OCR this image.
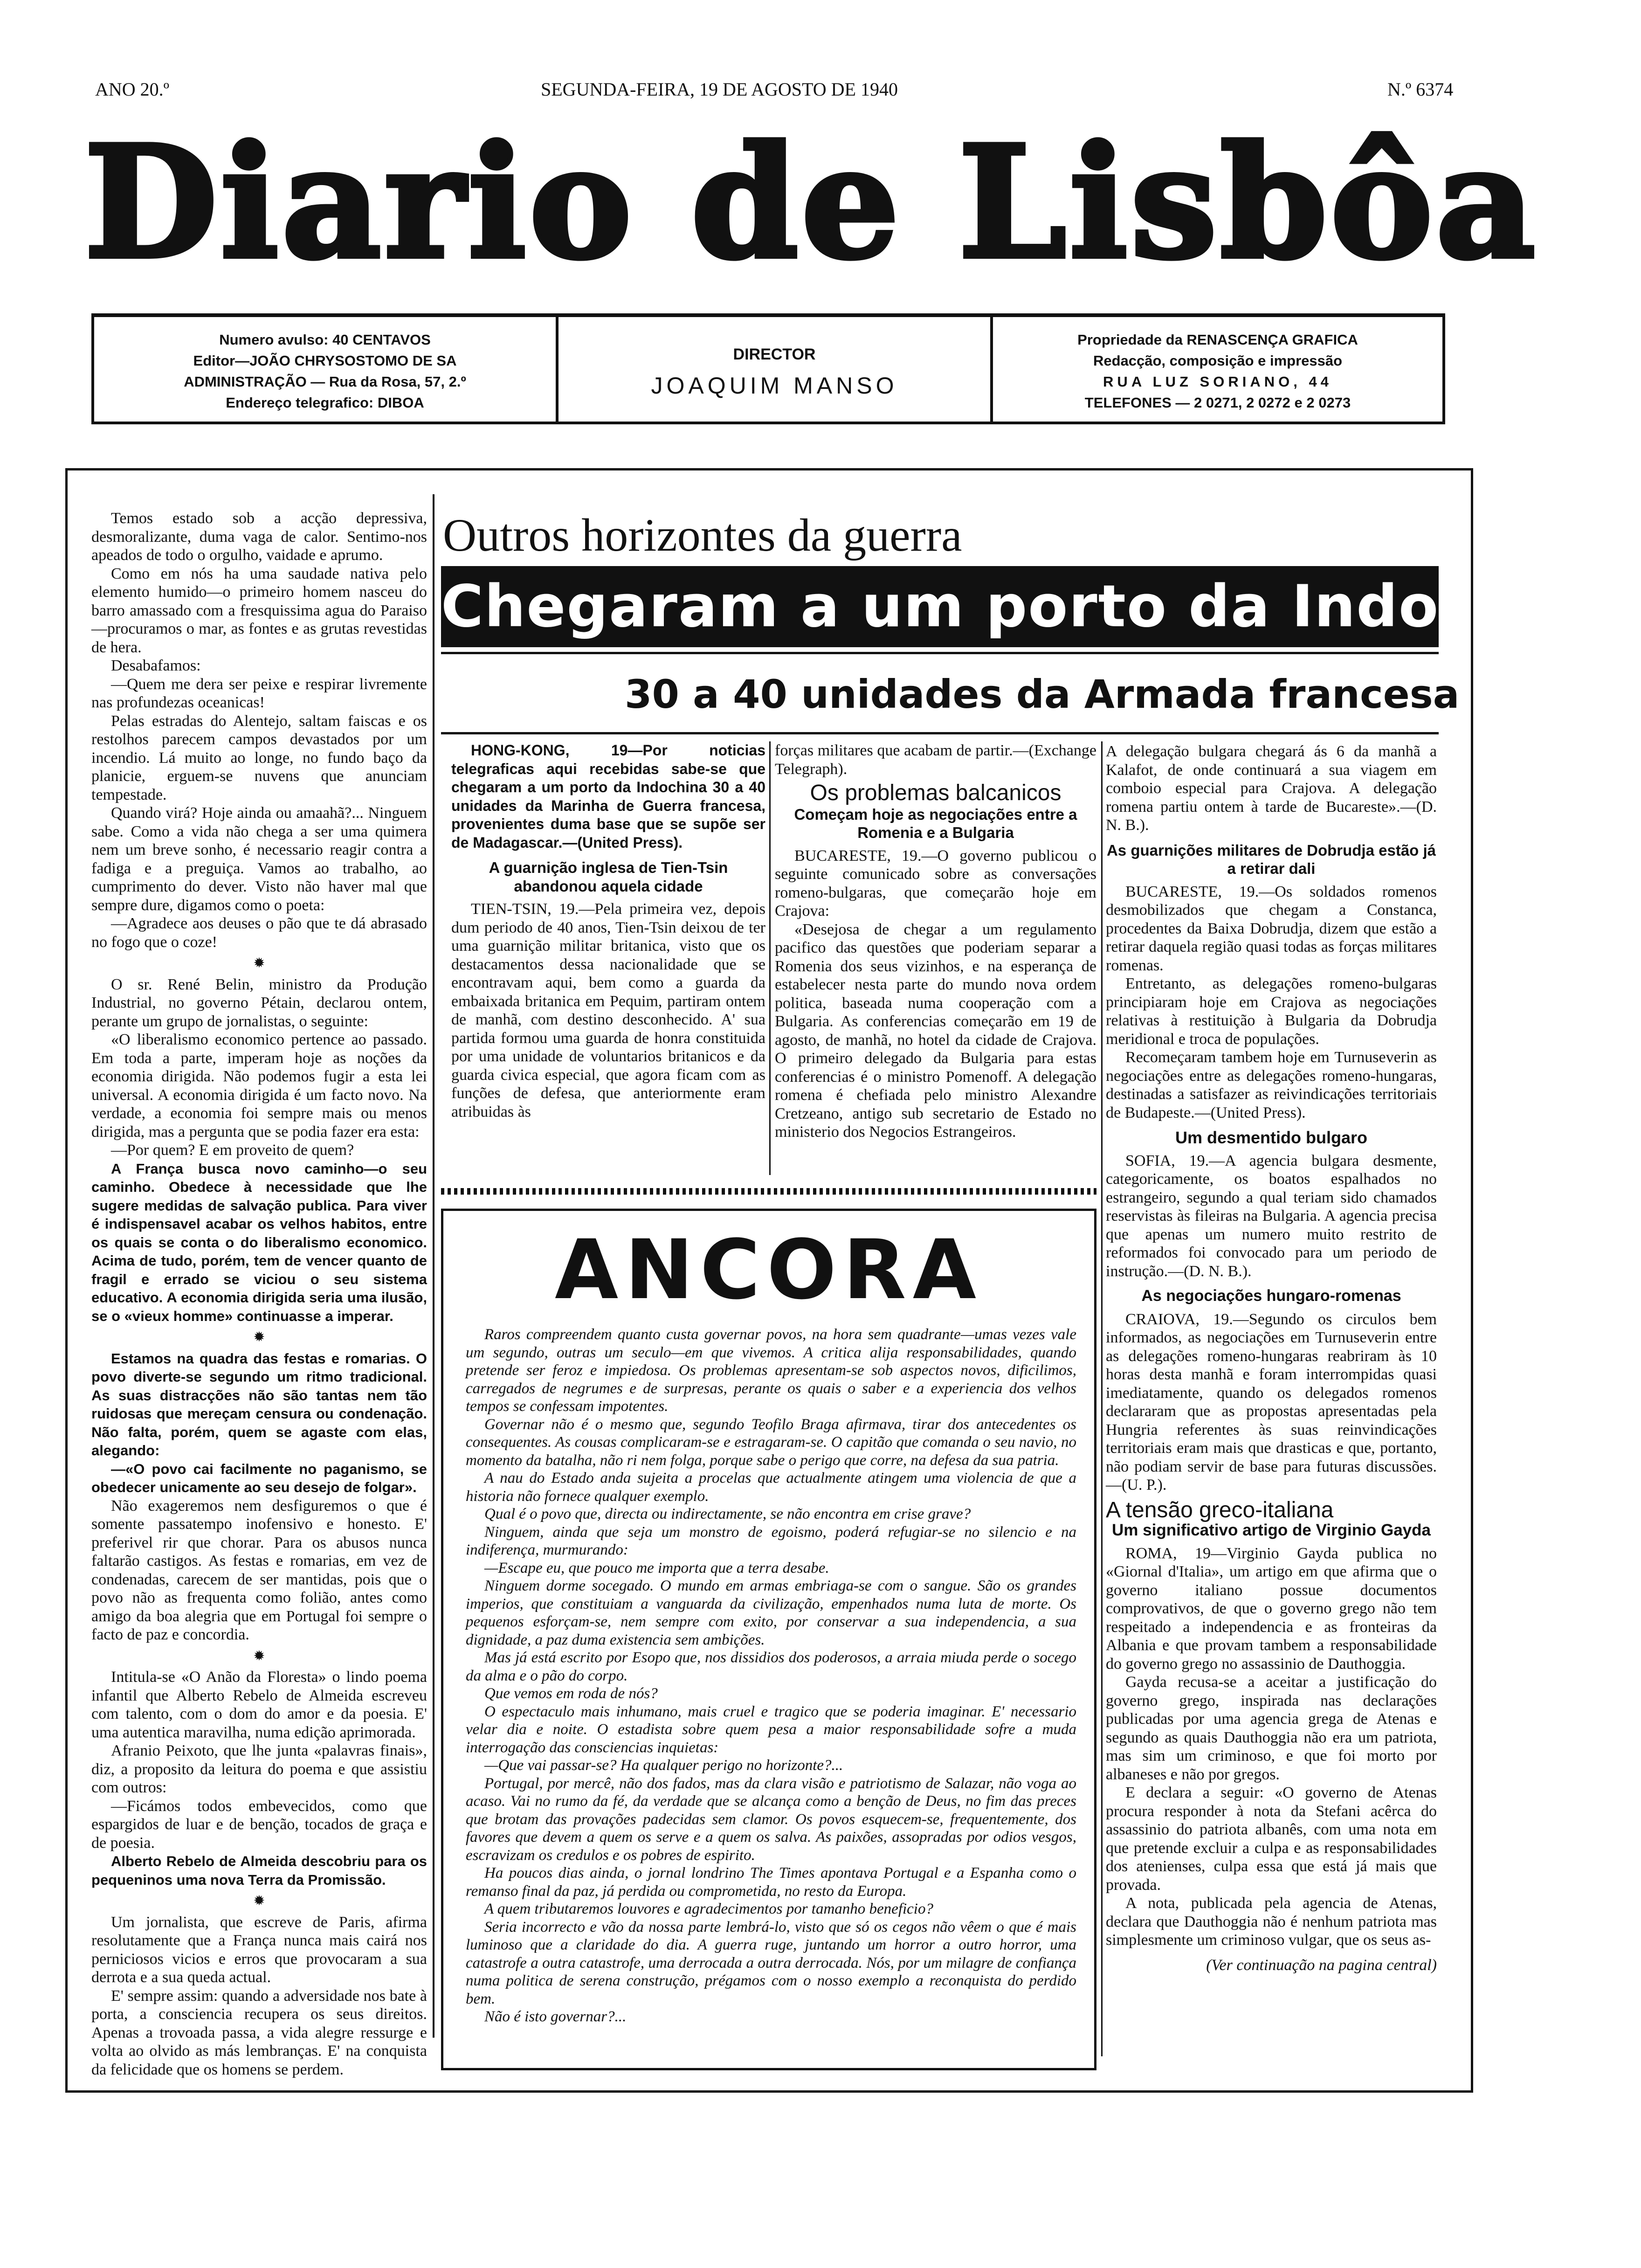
ANO 20.º	SEGUNDA-FEIRA, 19 DE AGOSTO DE 1940	N.º 6374
Diario de Lisbôa
Numero avulso: 40 CENTAVOS
Editor—JOÃO CHRYSOSTOMO DE SA
ADMINISTRAÇÃO — Rua da Rosa, 57, 2.º
Endereço telegrafico: DIBOA
DIRECTOR
JOAQUIM MANSO
Propriedade da RENASCENÇA GRAFICA
Redacção, composição e impressão
RUA LUZ SORIANO, 44
TELEFONES — 2 0271, 2 0272 e 2 0273
Outros horizontes da guerra
Chegaram a um porto da Indochina
30 a 40 unidades da Armada francesa

Temos estado sob a acção depressiva, desmoralizante, duma vaga de calor. Sentimo-nos apeados de todo o orgulho, vaidade e aprumo.

Como em nós ha uma saudade nativa pelo elemento humido—o primeiro homem nasceu do barro amassado com a fresquissima agua do Paraiso—procuramos o mar, as fontes e as grutas revestidas de hera.

Desabafamos:

—Quem me dera ser peixe e respirar livremente nas profundezas oceanicas!

Pelas estradas do Alentejo, saltam faiscas e os restolhos parecem campos devastados por um incendio. Lá muito ao longe, no fundo baço da planicie, erguem-se nuvens que anunciam tempestade.

Quando virá? Hoje ainda ou amaahã?... Ninguem sabe. Como a vida não chega a ser uma quimera nem um breve sonho, é necessario reagir contra a fadiga e a preguiça. Vamos ao trabalho, ao cumprimento do dever. Visto não haver mal que sempre dure, digamos como o poeta:

—Agradece aos deuses o pão que te dá abrasado no fogo que o coze!

✹

O sr. René Belin, ministro da Produção Industrial, no governo Pétain, declarou ontem, perante um grupo de jornalistas, o seguinte:

«O liberalismo economico pertence ao passado. Em toda a parte, imperam hoje as noções da economia dirigida. Não podemos fugir a esta lei universal. A economia dirigida é um facto novo. Na verdade, a economia foi sempre mais ou menos dirigida, mas a pergunta que se podia fazer era esta:

—Por quem? E em proveito de quem?

A França busca novo caminho—o seu caminho. Obedece à necessidade que lhe sugere medidas de salvação publica. Para viver é indispensavel acabar os velhos habitos, entre os quais se conta o do liberalismo economico. Acima de tudo, porém, tem de vencer quanto de fragil e errado se viciou o seu sistema educativo. A economia dirigida seria uma ilusão, se o «vieux homme» continuasse a imperar.

✹

Estamos na quadra das festas e romarias. O povo diverte-se segundo um ritmo tradicional. As suas distracções não são tantas nem tão ruidosas que mereçam censura ou condenação. Não falta, porém, quem se agaste com elas, alegando:

—«O povo cai facilmente no paganismo, se obedecer unicamente ao seu desejo de folgar».

Não exageremos nem desfiguremos o que é somente passatempo inofensivo e honesto. E' preferivel rir que chorar. Para os abusos nunca faltarão castigos. As festas e romarias, em vez de condenadas, carecem de ser mantidas, pois que o povo não as frequenta como folião, antes como amigo da boa alegria que em Portugal foi sempre o facto de paz e concordia.

✹

Intitula-se «O Anão da Floresta» o lindo poema infantil que Alberto Rebelo de Almeida escreveu com talento, com o dom do amor e da poesia. E' uma autentica maravilha, numa edição aprimorada.

Afranio Peixoto, que lhe junta «palavras finais», diz, a proposito da leitura do poema e que assistiu com outros:

—Ficámos todos embevecidos, como que espargidos de luar e de benção, tocados de graça e de poesia.

Alberto Rebelo de Almeida descobriu para os pequeninos uma nova Terra da Promissão.

✹

Um jornalista, que escreve de Paris, afirma resolutamente que a França nunca mais cairá nos perniciosos vicios e erros que provocaram a sua derrota e a sua queda actual.

E' sempre assim: quando a adversidade nos bate à porta, a consciencia recupera os seus direitos. Apenas a trovoada passa, a vida alegre ressurge e volta ao olvido as más lembranças. E' na conquista da felicidade que os homens se perdem.

HONG-KONG, 19—Por noticias telegraficas aqui recebidas sabe-se que chegaram a um porto da Indochina 30 a 40 unidades da Marinha de Guerra francesa, provenientes duma base que se supõe ser de Madagascar.—(United Press).

A guarnição inglesa de Tien-Tsin abandonou aquela cidade

TIEN-TSIN, 19.—Pela primeira vez, depois dum periodo de 40 anos, Tien-Tsin deixou de ter uma guarnição militar britanica, visto que os destacamentos dessa nacionalidade que se encontravam aqui, bem como a guarda da embaixada britanica em Pequim, partiram ontem de manhã, com destino desconhecido. A' sua partida formou uma guarda de honra constituida por uma unidade de voluntarios britanicos e da guarda civica especial, que agora ficam com as funções de defesa, que anteriormente eram atribuidas às

forças militares que acabam de partir.—(Exchange Telegraph).

Os problemas balcanicos
Começam hoje as negociações entre a Romenia e a Bulgaria

BUCARESTE, 19.—O governo publicou o seguinte comunicado sobre as conversações romeno-bulgaras, que começarão hoje em Crajova:

«Desejosa de chegar a um regulamento pacifico das questões que poderiam separar a Romenia dos seus vizinhos, e na esperança de estabelecer nesta parte do mundo nova ordem politica, baseada numa cooperação com a Bulgaria. As conferencias começarão em 19 de agosto, de manhã, no hotel da cidade de Crajova. O primeiro delegado da Bulgaria para estas conferencias é o ministro Pomenoff. A delegação romena é chefiada pelo ministro Alexandre Cretzeano, antigo sub secretario de Estado no ministerio dos Negocios Estrangeiros.

A delegação bulgara chegará ás 6 da manhã a Kalafot, de onde continuará a sua viagem em comboio especial para Crajova. A delegação romena partiu ontem à tarde de Bucareste».—(D. N. B.).

As guarnições militares de Dobrudja estão já a retirar dali

BUCARESTE, 19.—Os soldados romenos desmobilizados que chegam a Constanca, procedentes da Baixa Dobrudja, dizem que estão a retirar daquela região quasi todas as forças militares romenas.

Entretanto, as delegações romeno-bulgaras principiaram hoje em Crajova as negociações relativas à restituição à Bulgaria da Dobrudja meridional e troca de populações.

Recomeçaram tambem hoje em Turnuseverin as negociações entre as delegações romeno-hungaras, destinadas a satisfazer as reivindicações territoriais de Budapeste.—(United Press).

Um desmentido bulgaro

SOFIA, 19.—A agencia bulgara desmente, categoricamente, os boatos espalhados no estrangeiro, segundo a qual teriam sido chamados reservistas às fileiras na Bulgaria. A agencia precisa que apenas um numero muito restrito de reformados foi convocado para um periodo de instrução.—(D. N. B.).

As negociações hungaro-romenas

CRAIOVA, 19.—Segundo os circulos bem informados, as negociações em Turnuseverin entre as delegações romeno-hungaras reabriram às 10 horas desta manhã e foram interrompidas quasi imediatamente, quando os delegados romenos declararam que as propostas apresentadas pela Hungria referentes às suas reinvindicações territoriais eram mais que drasticas e que, portanto, não podiam servir de base para futuras discussões.—(U. P.).

A tensão greco-italiana
Um significativo artigo de Virginio Gayda

ROMA, 19—Virginio Gayda publica no «Giornal d'Italia», um artigo em que afirma que o governo italiano possue documentos comprovativos, de que o governo grego não tem respeitado a independencia e as fronteiras da Albania e que provam tambem a responsabilidade do governo grego no assassinio de Dauthoggia.

Gayda recusa-se a aceitar a justificação do governo grego, inspirada nas declarações publicadas por uma agencia grega de Atenas e segundo as quais Dauthoggia não era um patriota, mas sim um criminoso, e que foi morto por albaneses e não por gregos.

E declara a seguir: «O governo de Atenas procura responder à nota da Stefani acêrca do assassinio do patriota albanês, com uma nota em que pretende excluir a culpa e as responsabilidades dos atenienses, culpa essa que está já mais que provada.

A nota, publicada pela agencia de Atenas, declara que Dauthoggia não é nenhum patriota mas simplesmente um criminoso vulgar, que os seus as-

(Ver continuação na pagina central)
ANCORA

Raros compreendem quanto custa governar povos, na hora sem quadrante—umas vezes vale um segundo, outras um seculo—em que vivemos. A critica alija responsabilidades, quando pretende ser feroz e impiedosa. Os problemas apresentam-se sob aspectos novos, dificilimos, carregados de negrumes e de surpresas, perante os quais o saber e a experiencia dos velhos tempos se confessam impotentes.

Governar não é o mesmo que, segundo Teofilo Braga afirmava, tirar dos antecedentes os consequentes. As cousas complicaram-se e estragaram-se. O capitão que comanda o seu navio, no momento da batalha, não ri nem folga, porque sabe o perigo que corre, na defesa da sua patria.

A nau do Estado anda sujeita a procelas que actualmente atingem uma violencia de que a historia não fornece qualquer exemplo.

Qual é o povo que, directa ou indirectamente, se não encontra em crise grave?

Ninguem, ainda que seja um monstro de egoismo, poderá refugiar-se no silencio e na indiferença, murmurando:

—Escape eu, que pouco me importa que a terra desabe.

Ninguem dorme socegado. O mundo em armas embriaga-se com o sangue. São os grandes imperios, que constituiam a vanguarda da civilização, empenhados numa luta de morte. Os pequenos esforçam-se, nem sempre com exito, por conservar a sua independencia, a sua dignidade, a paz duma existencia sem ambições.

Mas já está escrito por Esopo que, nos dissidios dos poderosos, a arraia miuda perde o socego da alma e o pão do corpo.

Que vemos em roda de nós?

O espectaculo mais inhumano, mais cruel e tragico que se poderia imaginar. E' necessario velar dia e noite. O estadista sobre quem pesa a maior responsabilidade sofre a muda interrogação das consciencias inquietas:

—Que vai passar-se? Ha qualquer perigo no horizonte?...

Portugal, por mercê, não dos fados, mas da clara visão e patriotismo de Salazar, não voga ao acaso. Vai no rumo da fé, da verdade que se alcança como a benção de Deus, no fim das preces que brotam das provações padecidas sem clamor. Os povos esquecem-se, frequentemente, dos favores que devem a quem os serve e a quem os salva. As paixões, assopradas por odios vesgos, escravizam os credulos e os pobres de espirito.

Ha poucos dias ainda, o jornal londrino The Times apontava Portugal e a Espanha como o remanso final da paz, já perdida ou comprometida, no resto da Europa.

A quem tributaremos louvores e agradecimentos por tamanho beneficio?

Seria incorrecto e vão da nossa parte lembrá-lo, visto que só os cegos não vêem o que é mais luminoso que a claridade do dia. A guerra ruge, juntando um horror a outro horror, uma catastrofe a outra catastrofe, uma derrocada a outra derrocada. Nós, por um milagre de confiança numa politica de serena construção, prégamos com o nosso exemplo a reconquista do perdido bem.

Não é isto governar?...
